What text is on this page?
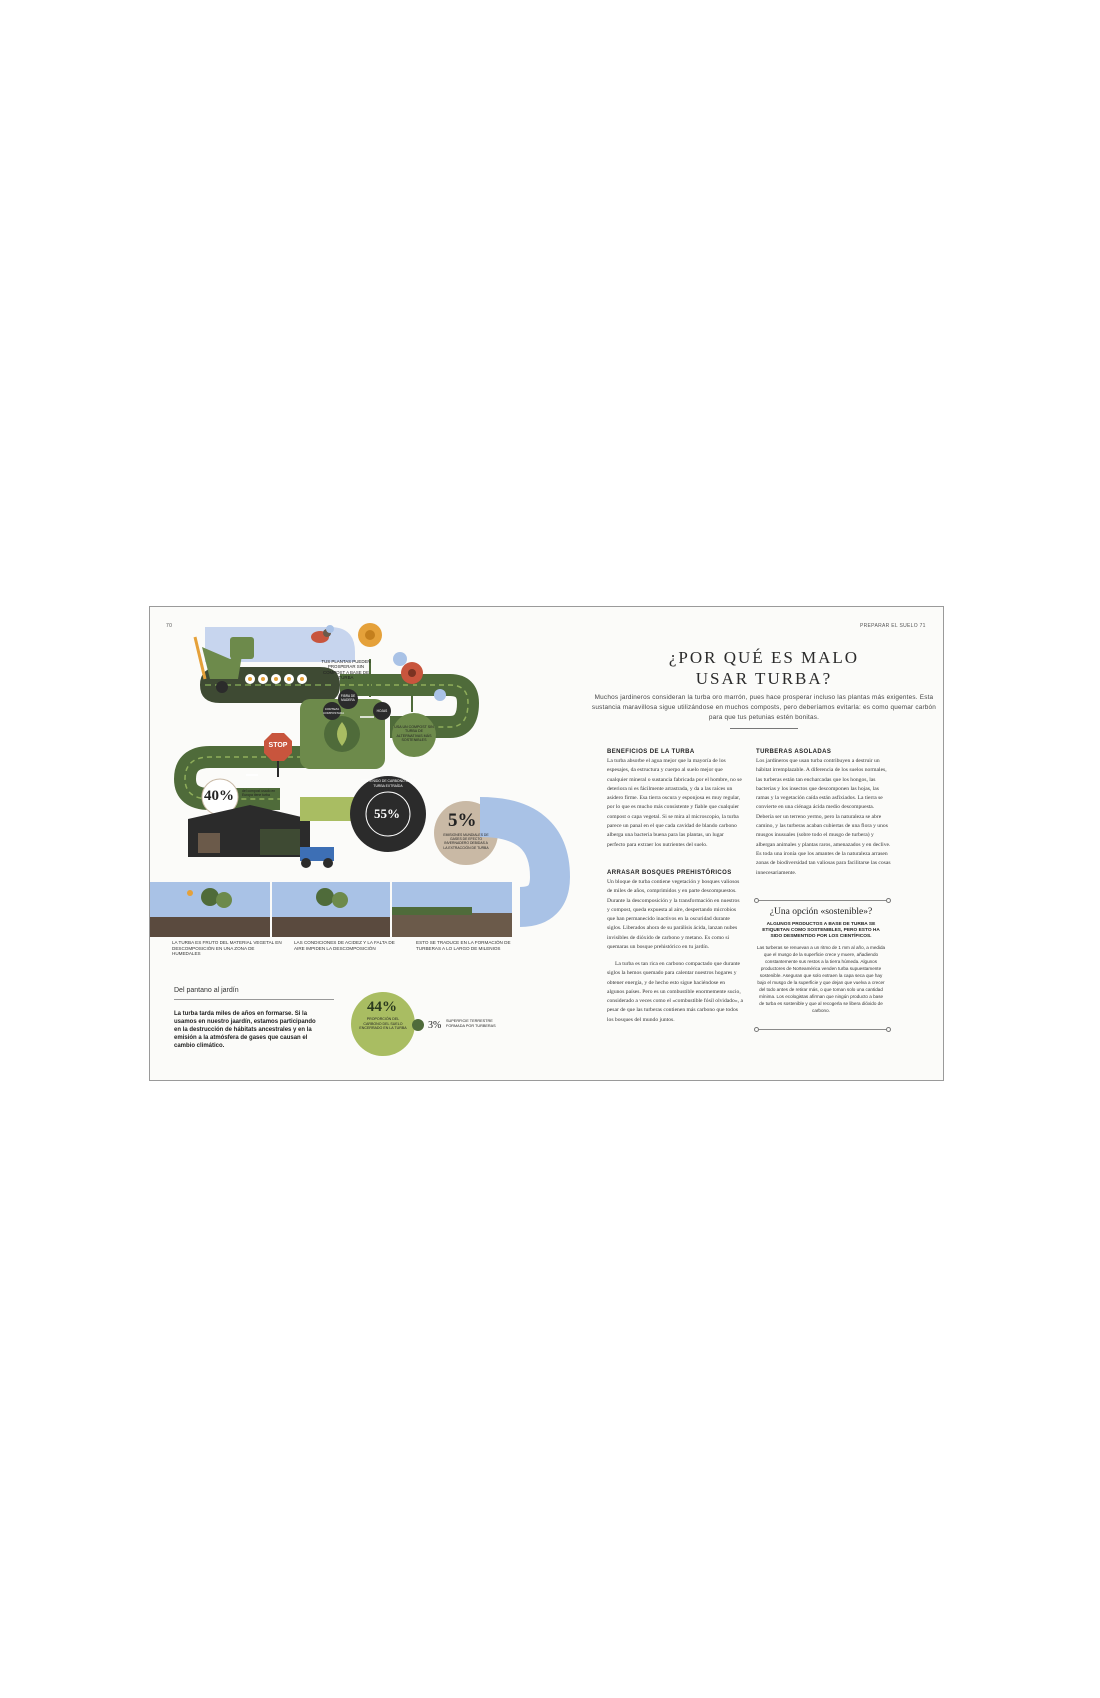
70	PREPARAR EL SUELO 71
TUS PLANTAS PUEDEN PROSPERAR SIN COMPOST A BASE DE TURBA
FIBRA DE MADERA
CORTEZA COMPOSTADA	HOJAS
USA UN COMPOST SIN TURBA DE ALTERNATIVAS MÁS SOSTENIBLES
STOP
40% del compost usado en Europa tiene turba
CONTENIDO DE CARBONO DE LA TURBA EXTRAÍDA
55%	5%
EMISIONES MUNDIALES DE GASES DE EFECTO INVERNADERO DEBIDAS A LA EXTRACCIÓN DE TURBA
LA TURBA ES FRUTO DEL MATERIAL VEGETAL EN DESCOMPOSICIÓN EN UNA ZONA DE HUMEDALES
LAS CONDICIONES DE ACIDEZ Y LA FALTA DE AIRE IMPIDEN LA DESCOMPOSICIÓN
ESTO SE TRADUCE EN LA FORMACIÓN DE TURBERAS A LO LARGO DE MILENIOS
Del pantano al jardín
La turba tarda miles de años en formarse. Si la usamos en nuestro jaardín, estamos participando en la destrucción de hábitats ancestrales y en la emisión a la atmósfera de gases que causan el cambio climático.
44%
PROPORCIÓN DEL CARBONO DEL SUELO ENCERRADO EN LA TURBA 3% SUPERFICIE TERRESTRE FORMADA POR TURBERAS
¿POR QUÉ ES MALO
USAR TURBA?
Muchos jardineros consideran la turba oro marrón, pues hace prosperar incluso las plantas más exigentes. Esta sustancia maravillosa sigue utilizándose en muchos composts, pero deberíamos evitarla: es como quemar carbón para que tus petunias estén bonitas.
BENEFICIOS DE LA TURBA
La turba absorbe el agua mejor que la mayoría de los espesajes, da estructura y cuerpo al suelo mejor que cualquier mineral o sustancia fabricada por el hombre, no se deteriora ni es fácilmente arrastrada, y da a las raíces un asidero firme. Esa tierra oscura y esponjosa es muy regular, por lo que es mucho más consistente y fiable que cualquier compost o capa vegetal. Si se mira al microscopio, la turba parece un panal en el que cada cavidad de blando carbono alberga una bacteria buena para las plantas, un lugar perfecto para extraer los nutrientes del suelo.
ARRASAR BOSQUES PREHISTÓRICOS
Un bloque de turba contiene vegetación y bosques valiosos de miles de años, comprimidos y en parte descompuestos. Durante la descomposición y la transformación en nuestros y compost, queda expuesta al aire, despertando microbios que han permanecido inactivos en la oscuridad durante siglos. Liberados ahora de su parálisis ácida, lanzan nubes invisibles de dióxido de carbono y metano. Es como si quemaras un bosque prehistórico en tu jardín.
La turba es tan rica en carbono compactado que durante siglos la hemos quemado para calentar nuestros hogares y obtener energía, y de hecho esto sigue haciéndose en algunos países. Pero es un combustible enormemente sucio, considerado a veces como el «combustible fósil olvidado», a pesar de que las turberas contienen más carbono que todos los bosques del mundo juntos.
TURBERAS ASOLADAS
Los jardineros que usan turba contribuyen a destruir un hábitat irremplazable. A diferencia de los suelos normales, las turberas están tan encharcadas que los hongos, las bacterias y los insectos que descomponen las hojas, las ramas y la vegetación caída están asfixiados. La tierra se convierte en una ciénaga ácida medio descompuesta. Debería ser un terreno yermo, pero la naturaleza se abre camino, y las turberas acaban cubiertas de una flora y unos musgos inusuales (sobre todo el musgo de turbera) y albergan animales y plantas raros, amenazados y en declive. Es toda una ironía que los amantes de la naturaleza arrasen zonas de biodiversidad tan valiosas para facilitarse las cosas innecesariamente.
¿Una opción «sostenible»?
ALGUNOS PRODUCTOS A BASE DE TURBA SE ETIQUETAN COMO SOSTENIBLES, PERO ESTO HA SIDO DESMENTIDO POR LOS CIENTÍFICOS.
Las turberas se renuevan a un ritmo de 1 mm al año, a medida que el musgo de la superficie crece y muere, añadiendo constantemente sus restos a la tierra húmeda. Algunos productores de Norteamérica venden turba supuestamente sostenible. Aseguran que solo extraen la capa seca que hay bajo el musgo de la superficie y que dejan que vuelva a crecer del todo antes de retirar más, o que toman solo una cantidad mínima. Los ecologistas afirman que ningún producto a base de turba es sostenible y que al recogerla se libera dióxido de carbono.
